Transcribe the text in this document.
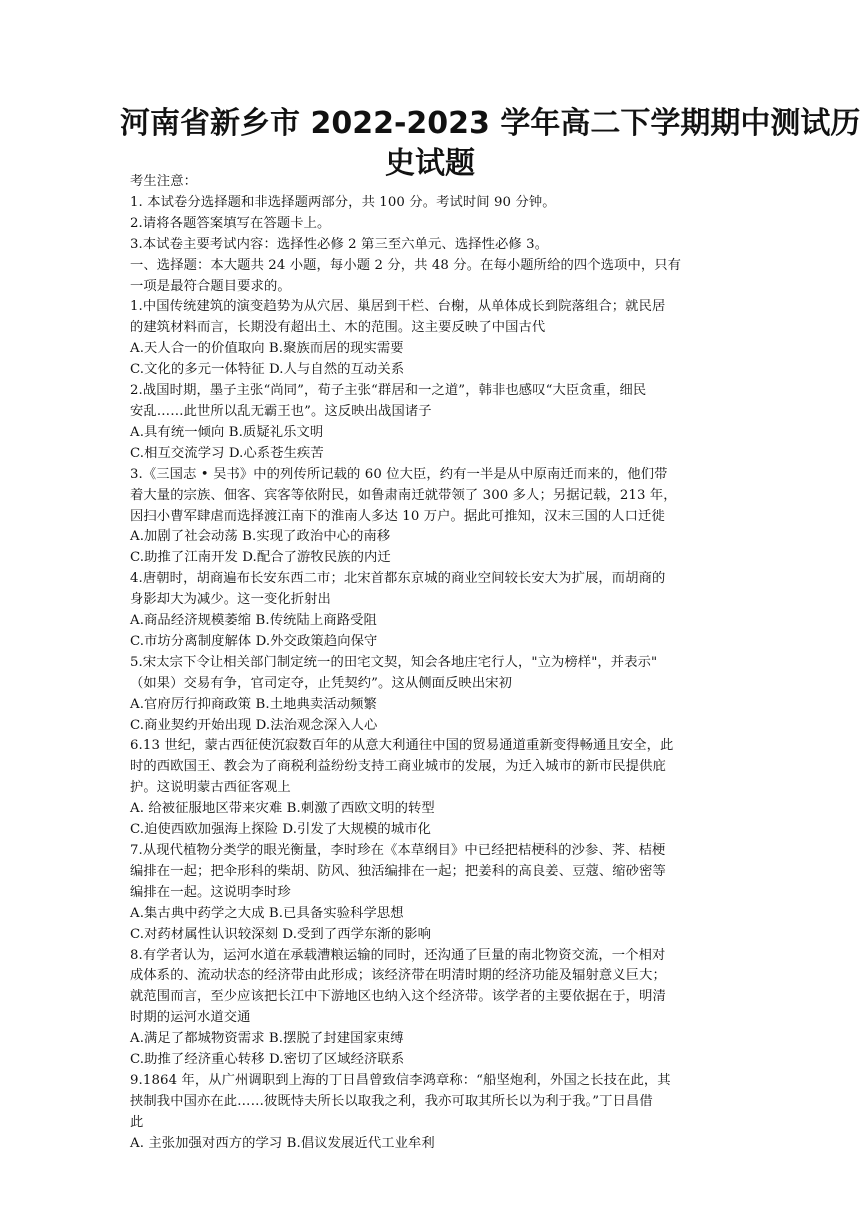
河南省新乡市 2022-2023 学年高二下学期期中测试历
史试题

考生注意：

1. 本试卷分选择题和非选择题两部分，共 100 分。考试时间 90 分钟。

2.请将各题答案填写在答题卡上。

3.本试卷主要考试内容：选择性必修 2 第三至六单元、选择性必修 3。

一、选择题：本大题共 24 小题，每小题 2 分，共 48 分。在每小题所给的四个选项中，只有

一项是最符合题目要求的。

1.中国传统建筑的演变趋势为从穴居、巢居到干栏、台榭，从单体成长到院落组合；就民居

的建筑材料而言，长期没有超出土、木的范围。这主要反映了中国古代

A.天人合一的价值取向 B.聚族而居的现实需要

C.文化的多元一体特征 D.人与自然的互动关系

2.战国时期，墨子主张“尚同”，荀子主张“群居和一之道”，韩非也感叹“大臣贪重，细民

安乱……此世所以乱无霸王也”。这反映出战国诸子

A.具有统一倾向 B.质疑礼乐文明

C.相互交流学习 D.心系苍生疾苦

3.《三国志 • 吴书》中的列传所记载的 60 位大臣，约有一半是从中原南迁而来的，他们带

着大量的宗族、佃客、宾客等依附民，如鲁肃南迁就带领了 300 多人；另据记载，213 年，

因扫小曹军肆虐而选择渡江南下的淮南人多达 10 万户。据此可推知，汉末三国的人口迁徙

A.加剧了社会动荡 B.实现了政治中心的南移

C.助推了江南开发 D.配合了游牧民族的内迁

4.唐朝时，胡商遍布长安东西二市；北宋首都东京城的商业空间较长安大为扩展，而胡商的

身影却大为减少。这一变化折射出

A.商品经济规模萎缩 B.传统陆上商路受阻

C.市坊分离制度解体 D.外交政策趋向保守

5.宋太宗下令让相关部门制定统一的田宅文契，知会各地庄宅行人，"立为榜样"，并表示"

（如果）交易有争，官司定夺，止凭契约”。这从侧面反映出宋初

A.官府厉行抑商政策 B.土地典卖活动频繁

C.商业契约开始出现 D.法治观念深入人心

6.13 世纪，蒙古西征使沉寂数百年的从意大利通往中国的贸易通道重新变得畅通且安全，此

时的西欧国王、教会为了商税利益纷纷支持工商业城市的发展，为迁入城市的新市民提供庇

护。这说明蒙古西征客观上

A. 给被征服地区带来灾难 B.刺激了西欧文明的转型

C.迫使西欧加强海上探险 D.引发了大规模的城市化

7.从现代植物分类学的眼光衡量，李时珍在《本草纲目》中已经把桔梗科的沙参、荠、桔梗

编排在一起；把伞形科的柴胡、防风、独活编排在一起；把姜科的高良姜、豆蔻、缩砂密等

编排在一起。这说明李时珍

A.集古典中药学之大成 B.已具备实验科学思想

C.对药材属性认识较深刻 D.受到了西学东渐的影响

8.有学者认为，运河水道在承载漕粮运输的同时，还沟通了巨量的南北物资交流，一个相对

成体系的、流动状态的经济带由此形成；该经济带在明清时期的经济功能及辐射意义巨大；

就范围而言，至少应该把长江中下游地区也纳入这个经济带。该学者的主要依据在于，明清

时期的运河水道交通

A.满足了都城物资需求 B.摆脱了封建国家束缚

C.助推了经济重心转移 D.密切了区域经济联系

9.1864 年，从广州调职到上海的丁日昌曾致信李鸿章称：“船坚炮利，外国之长技在此，其

挟制我中国亦在此……彼既恃夫所长以取我之利，我亦可取其所长以为利于我。”丁日昌借

此

A. 主张加强对西方的学习 B.倡议发展近代工业牟利
